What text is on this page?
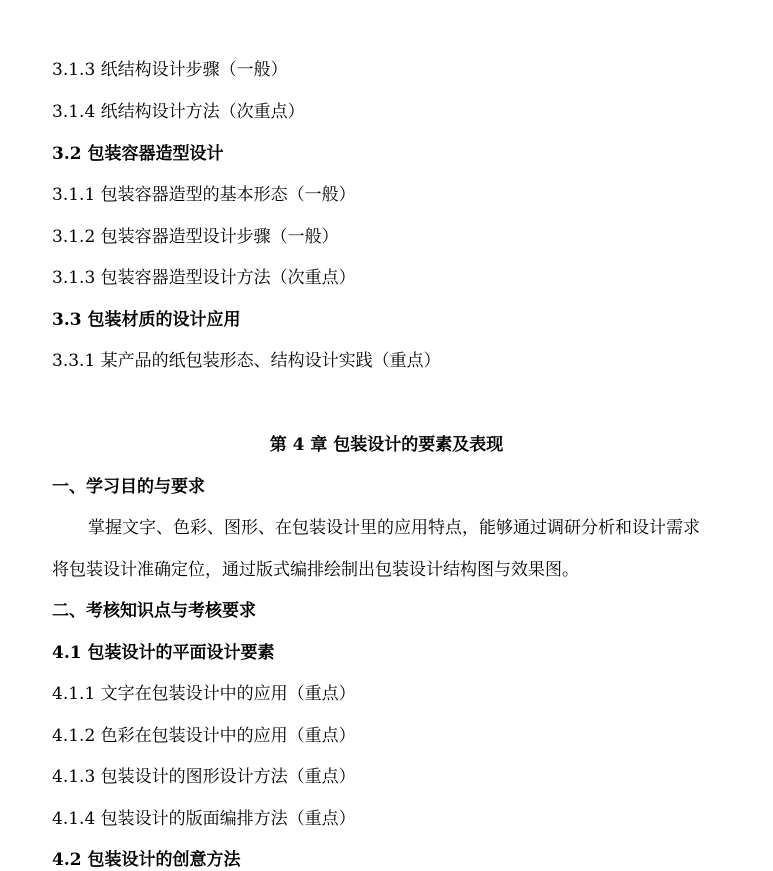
3.1.3 纸结构设计步骤（一般）
3.1.4 纸结构设计方法（次重点）
3.2 包装容器造型设计
3.1.1 包装容器造型的基本形态（一般）
3.1.2 包装容器造型设计步骤（一般）
3.1.3 包装容器造型设计方法（次重点）
3.3 包装材质的设计应用
3.3.1 某产品的纸包装形态、结构设计实践（重点）
第 4 章 包装设计的要素及表现
一、学习目的与要求
掌握文字、色彩、图形、在包装设计里的应用特点，能够通过调研分析和设计需求
将包装设计准确定位，通过版式编排绘制出包装设计结构图与效果图。
二、考核知识点与考核要求
4.1 包装设计的平面设计要素
4.1.1 文字在包装设计中的应用（重点）
4.1.2 色彩在包装设计中的应用（重点）
4.1.3 包装设计的图形设计方法（重点）
4.1.4 包装设计的版面编排方法（重点）
4.2 包装设计的创意方法
